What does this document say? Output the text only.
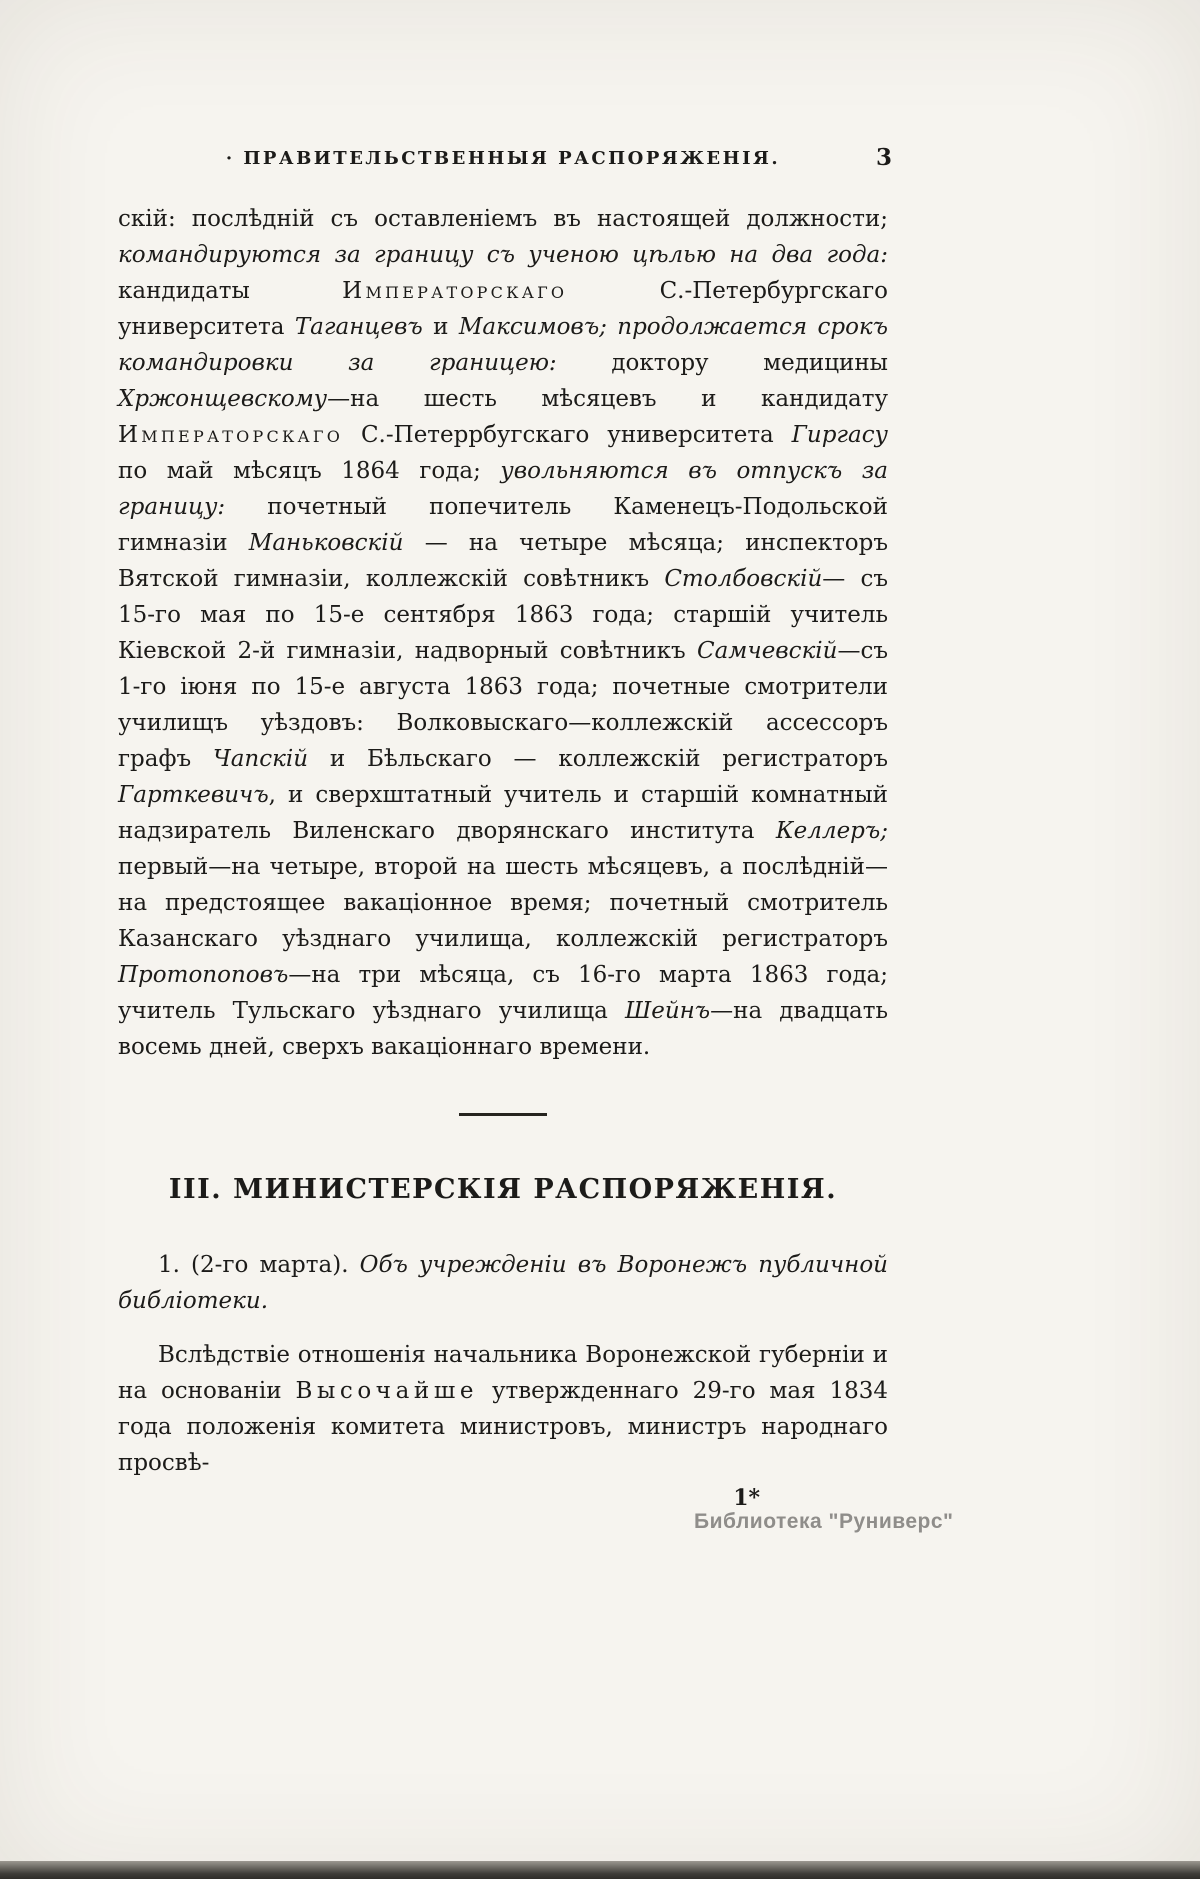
· ПРАВИТЕЛЬСТВЕННЫЯ РАСПОРЯЖЕНІЯ.	3

скій: послѣдній съ оставленіемъ въ настоящей должности; командируются за границу съ ученою цѣлью на два года: кандидаты Императорскаго С.-Петербургскаго университета Таганцевъ и Максимовъ; продолжается срокъ командировки за границею: доктору медицины Хржонщевскому—на шесть мѣсяцевъ и кандидату Императорскаго С.-Петеррбугскаго университета Гиргасу по май мѣсяцъ 1864 года; увольняются въ отпускъ за границу: почетный попечитель Каменецъ-Подольской гимназіи Маньковскій — на четыре мѣсяца; инспекторъ Вятской гимназіи, коллежскій совѣтникъ Столбовскій— съ 15-го мая по 15-е сентября 1863 года; старшій учитель Кіевской 2-й гимназіи, надворный совѣтникъ Самчевскій—съ 1-го іюня по 15-е августа 1863 года; почетные смотрители училищъ уѣздовъ: Волковыскаго—коллежскій ассессоръ графъ Чапскій и Бѣльскаго — коллежскій регистраторъ Гарткевичъ, и сверхштатный учитель и старшій комнатный надзиратель Виленскаго дворянскаго института Келлеръ; первый—на четыре, второй на шесть мѣсяцевъ, а послѣдній—на предстоящее вакаціонное время; почетный смотритель Казанскаго уѣзднаго училища, коллежскій регистраторъ Протопоповъ—на три мѣсяца, съ 16-го марта 1863 года; учитель Тульскаго уѣзднаго училища Шейнъ—на двадцать восемь дней, сверхъ вакаціоннаго времени.

III. МИНИСТЕРСКІЯ РАСПОРЯЖЕНІЯ.

1. (2-го марта). Объ учрежденіи въ Воронежъ публичной библіотеки.

Вслѣдствіе отношенія начальника Воронежской губерніи и на основаніи Высочайше утвержденнаго 29-го мая 1834 года положенія комитета министровъ, министръ народнаго просвѣ-

1*
Библиотека "Руниверс"
